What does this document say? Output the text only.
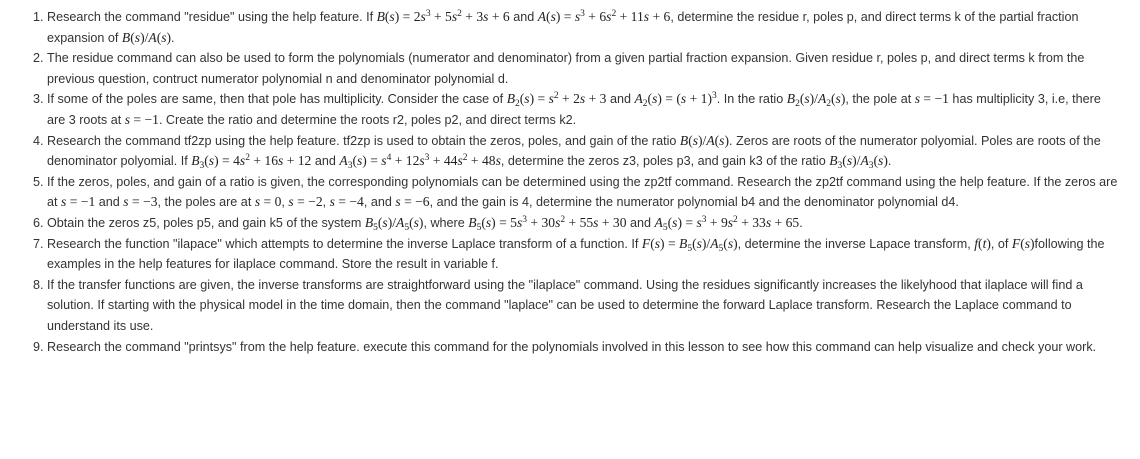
1. Research the command "residue" using the help feature. If $B(s) = 2s^3 + 5s^2 + 3s + 6$ and $A(s) = s^3 + 6s^2 + 11s + 6$, determine the residue r, poles p, and direct terms k of the partial fraction expansion of B(s)/A(s).
2. The residue command can also be used to form the polynomials (numerator and denominator) from a given partial fraction expansion. Given residue r, poles p, and direct terms k from the previous question, contruct numerator polynomial n and denominator polynomial d.
3. If some of the poles are same, then that pole has multiplicity. Consider the case of $B_2(s) = s^2 + 2s + 3$ and $A_2(s) = (s + 1)^3$. In the ratio $B_2(s)/A_2(s)$, the pole at s = −1 has multiplicity 3, i.e, there are 3 roots at s = −1. Create the ratio and determine the roots r2, poles p2, and direct terms k2.
4. Research the command tf2zp using the help feature. tf2zp is used to obtain the zeros, poles, and gain of the ratio B(s)/A(s). Zeros are roots of the numerator polyomial. Poles are roots of the denominator polyomial. If $B_3(s) = 4s^2 + 16s + 12$ and $A_3(s) = s^4 + 12s^3 + 44s^2 + 48s$, determine the zeros z3, poles p3, and gain k3 of the ratio $B_3(s)/A_3(s)$.
5. If the zeros, poles, and gain of a ratio is given, the corresponding polynomials can be determined using the zp2tf command. Research the zp2tf command using the help feature. If the zeros are at s = −1 and s = −3, the poles are at s = 0, s = −2, s = −4, and s = −6, and the gain is 4, determine the numerator polynomial b4 and the denominator polynomial d4.
6. Obtain the zeros z5, poles p5, and gain k5 of the system $B_5(s)/A_5(s)$, where $B_5(s) = 5s^3 + 30s^2 + 55s + 30$ and $A_5(s) = s^3 + 9s^2 + 33s + 65$.
7. Research the function "ilapace" which attempts to determine the inverse Laplace transform of a function. If $F(s) = B_5(s)/A_5(s)$, determine the inverse Lapace transform, f(t), of F(s)following the examples in the help features for ilaplace command. Store the result in variable f.
8. If the transfer functions are given, the inverse transforms are straightforward using the "ilaplace" command. Using the residues significantly increases the likelyhood that ilaplace will find a solution. If starting with the physical model in the time domain, then the command "laplace" can be used to determine the forward Laplace transform. Research the Laplace command to understand its use.
9. Research the command "printsys" from the help feature. execute this command for the polynomials involved in this lesson to see how this command can help visualize and check your work.
